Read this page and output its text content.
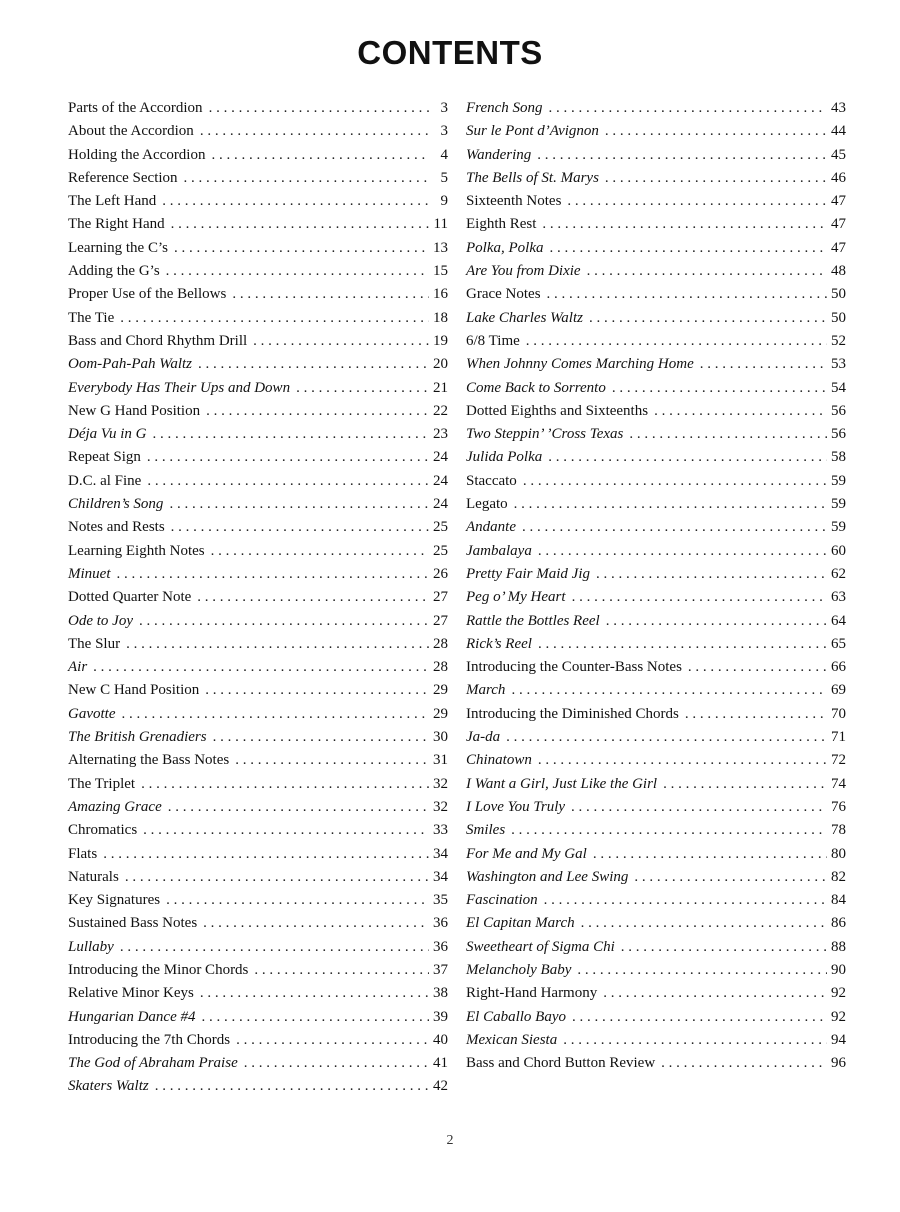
CONTENTS
Parts of the Accordion . . .	3
About the Accordion . . .	3
Holding the Accordion . . .	4
Reference Section . . .	5
The Left Hand . . .	9
The Right Hand . . .	11
Learning the C’s . . .	13
Adding the G’s . . .	15
Proper Use of the Bellows . . .	16
The Tie . . .	18
Bass and Chord Rhythm Drill . . .	19
Oom-Pah-Pah Waltz . . .	20
Everybody Has Their Ups and Down . . .	21
New G Hand Position . . .	22
Déja Vu in G . . .	23
Repeat Sign . . .	24
D.C. al Fine . . .	24
Children’s Song . . .	24
Notes and Rests . . .	25
Learning Eighth Notes . . .	25
Minuet . . .	26
Dotted Quarter Note . . .	27
Ode to Joy . . .	27
The Slur . . .	28
Air . . .	28
New C Hand Position . . .	29
Gavotte . . .	29
The British Grenadiers . . .	30
Alternating the Bass Notes . . .	31
The Triplet . . .	32
Amazing Grace . . .	32
Chromatics . . .	33
Flats . . .	34
Naturals . . .	34
Key Signatures . . .	35
Sustained Bass Notes . . .	36
Lullaby . . .	36
Introducing the Minor Chords . . .	37
Relative Minor Keys . . .	38
Hungarian Dance #4 . . .	39
Introducing the 7th Chords . . .	40
The God of Abraham Praise . . .	41
Skaters Waltz . . .	42
French Song . . .	43
Sur le Pont d’Avignon . . .	44
Wandering . . .	45
The Bells of St. Marys . . .	46
Sixteenth Notes . . .	47
Eighth Rest . . .	47
Polka, Polka . . .	47
Are You from Dixie . . .	48
Grace Notes . . .	50
Lake Charles Waltz . . .	50
6/8 Time . . .	52
When Johnny Comes Marching Home . . .	53
Come Back to Sorrento . . .	54
Dotted Eighths and Sixteenths . . .	56
Two Steppin’ ’Cross Texas . . .	56
Julida Polka . . .	58
Staccato . . .	59
Legato . . .	59
Andante . . .	59
Jambalaya . . .	60
Pretty Fair Maid Jig . . .	62
Peg o’ My Heart . . .	63
Rattle the Bottles Reel . . .	64
Rick’s Reel . . .	65
Introducing the Counter-Bass Notes . . .	66
March . . .	69
Introducing the Diminished Chords . . .	70
Ja-da . . .	71
Chinatown . . .	72
I Want a Girl, Just Like the Girl . . .	74
I Love You Truly . . .	76
Smiles . . .	78
For Me and My Gal . . .	80
Washington and Lee Swing . . .	82
Fascination . . .	84
El Capitan March . . .	86
Sweetheart of Sigma Chi . . .	88
Melancholy Baby . . .	90
Right-Hand Harmony . . .	92
El Caballo Bayo . . .	92
Mexican Siesta . . .	94
Bass and Chord Button Review . . .	96
2
